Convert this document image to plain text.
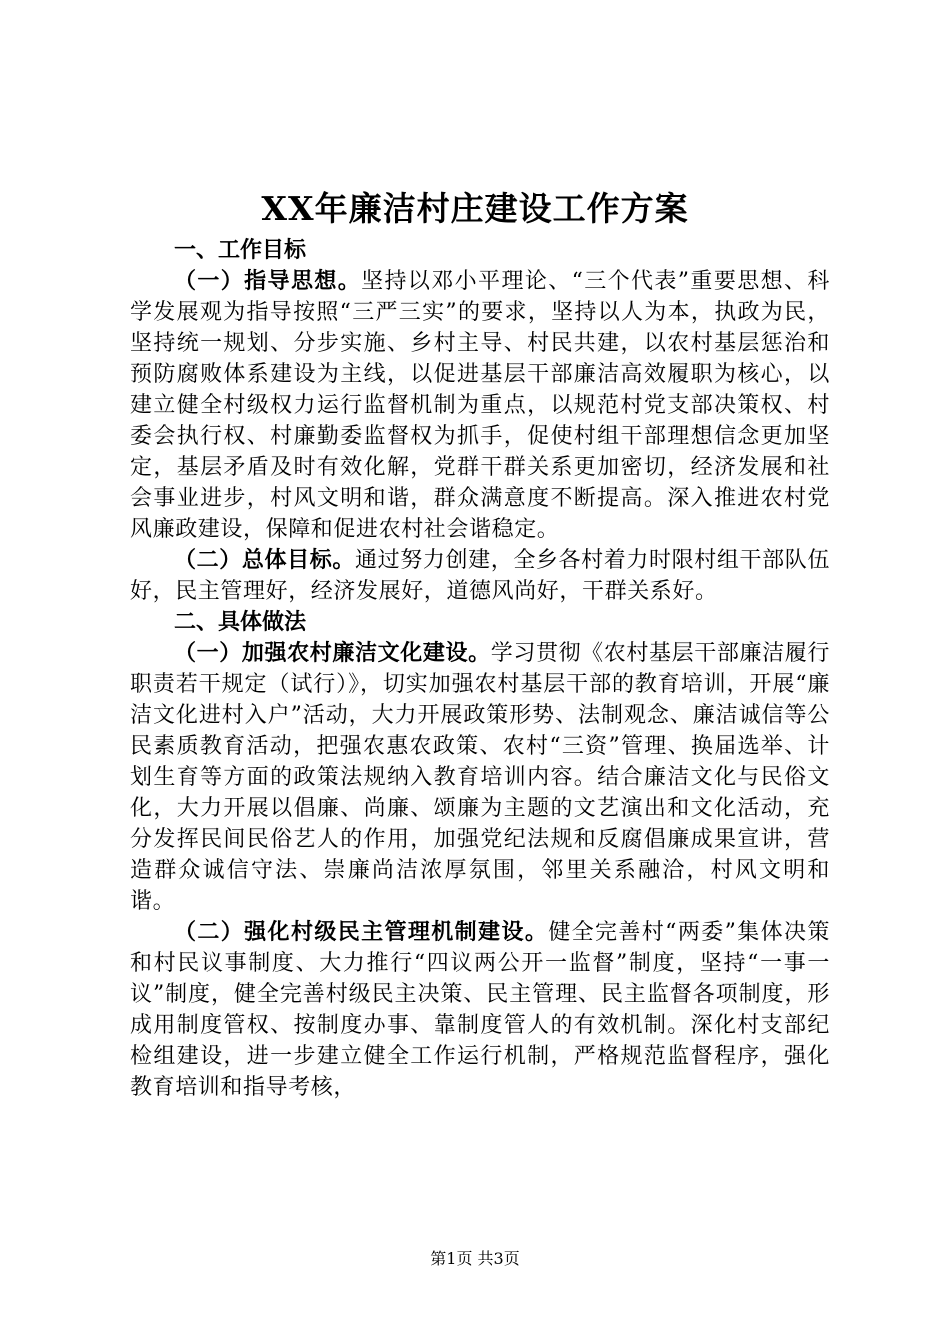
XX年廉洁村庄建设工作方案

一、工作目标

（一）指导思想。坚持以邓小平理论、“三个代表”重要思想、科学发展观为指导按照“三严三实”的要求，坚持以人为本，执政为民，坚持统一规划、分步实施、乡村主导、村民共建，以农村基层惩治和预防腐败体系建设为主线，以促进基层干部廉洁高效履职为核心，以建立健全村级权力运行监督机制为重点，以规范村党支部决策权、村委会执行权、村廉勤委监督权为抓手，促使村组干部理想信念更加坚定，基层矛盾及时有效化解，党群干群关系更加密切，经济发展和社会事业进步，村风文明和谐，群众满意度不断提高。深入推进农村党风廉政建设，保障和促进农村社会谐稳定。

（二）总体目标。通过努力创建，全乡各村着力时限村组干部队伍好，民主管理好，经济发展好，道德风尚好，干群关系好。

二、具体做法

（一）加强农村廉洁文化建设。学习贯彻《农村基层干部廉洁履行职责若干规定（试行）》，切实加强农村基层干部的教育培训，开展“廉洁文化进村入户”活动，大力开展政策形势、法制观念、廉洁诚信等公民素质教育活动，把强农惠农政策、农村“三资”管理、换届选举、计划生育等方面的政策法规纳入教育培训内容。结合廉洁文化与民俗文化，大力开展以倡廉、尚廉、颂廉为主题的文艺演出和文化活动，充分发挥民间民俗艺人的作用，加强党纪法规和反腐倡廉成果宣讲，营造群众诚信守法、崇廉尚洁浓厚氛围，邻里关系融洽，村风文明和谐。

（二）强化村级民主管理机制建设。健全完善村“两委”集体决策和村民议事制度、大力推行“四议两公开一监督”制度，坚持“一事一议”制度，健全完善村级民主决策、民主管理、民主监督各项制度，形成用制度管权、按制度办事、靠制度管人的有效机制。深化村支部纪检组建设，进一步建立健全工作运行机制，严格规范监督程序，强化教育培训和指导考核，

第1页 共3页
